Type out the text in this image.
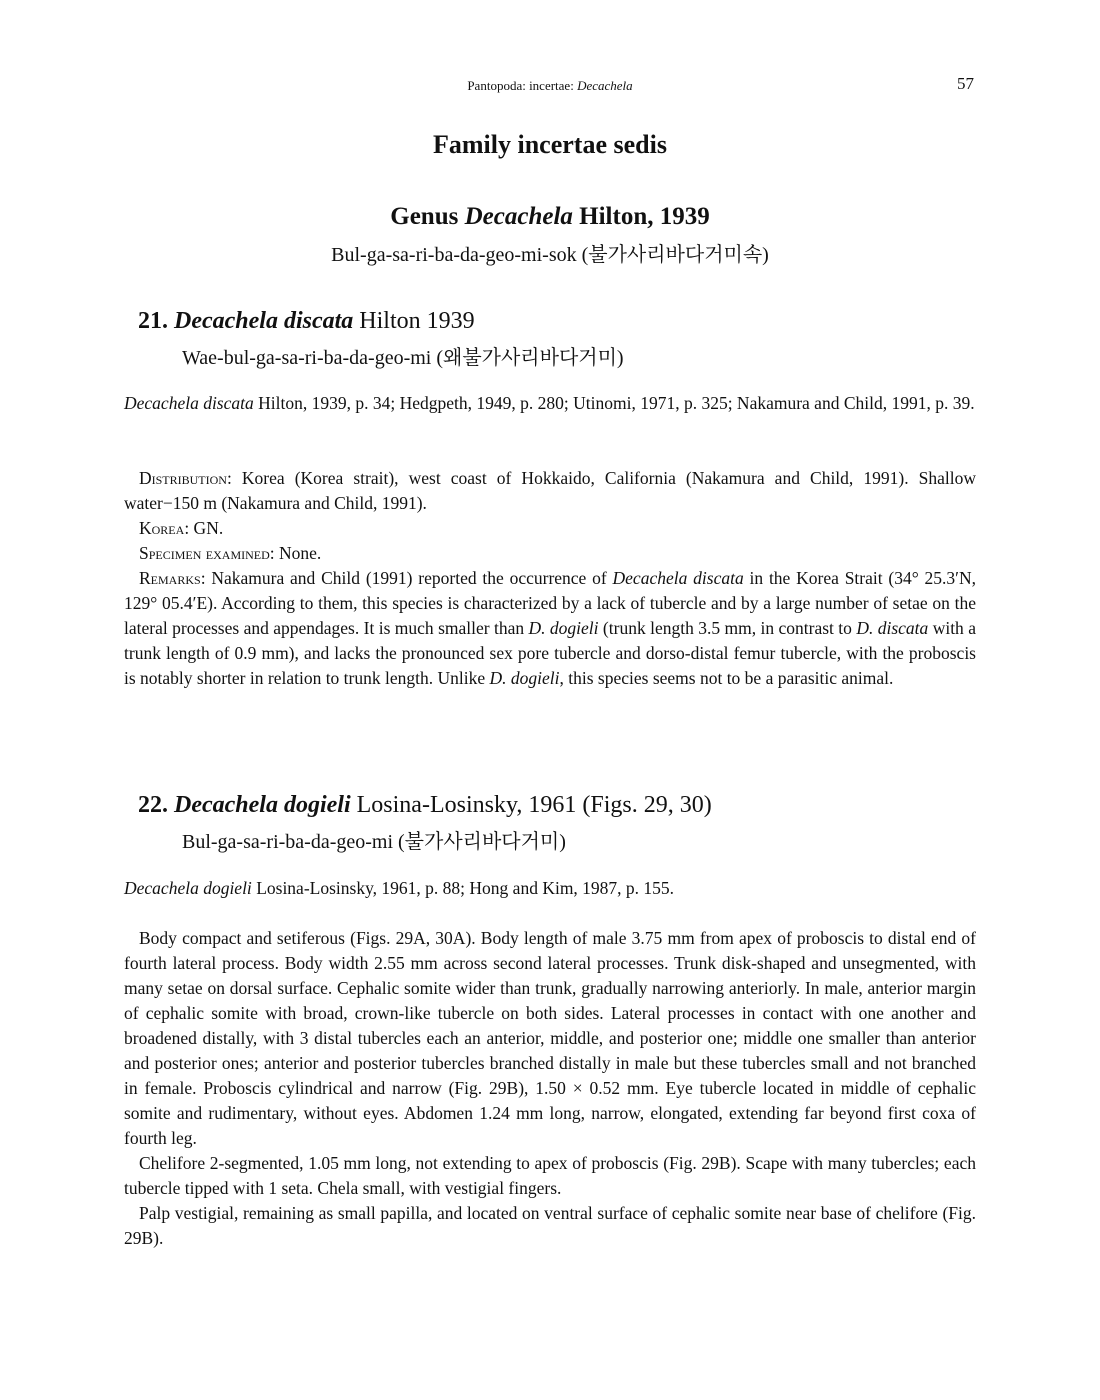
Pantopoda: incertae: Decachela	57
Family incertae sedis
Genus Decachela Hilton, 1939
Bul-ga-sa-ri-ba-da-geo-mi-sok (불가사리바다거미속)
21. Decachela discata Hilton 1939
Wae-bul-ga-sa-ri-ba-da-geo-mi (왜불가사리바다거미)
Decachela discata Hilton, 1939, p. 34; Hedgpeth, 1949, p. 280; Utinomi, 1971, p. 325; Nakamura and Child, 1991, p. 39.

Distribution: Korea (Korea strait), west coast of Hokkaido, California (Nakamura and Child, 1991). Shallow water−150 m (Nakamura and Child, 1991).

Korea: GN.

Specimen examined: None.

Remarks: Nakamura and Child (1991) reported the occurrence of Decachela discata in the Korea Strait (34° 25.3′N, 129° 05.4′E). According to them, this species is characterized by a lack of tubercle and by a large number of setae on the lateral processes and appendages. It is much smaller than D. dogieli (trunk length 3.5 mm, in contrast to D. discata with a trunk length of 0.9 mm), and lacks the pronounced sex pore tubercle and dorso-distal femur tubercle, with the proboscis is notably shorter in relation to trunk length. Unlike D. dogieli, this species seems not to be a parasitic animal.

22. Decachela dogieli Losina-Losinsky, 1961 (Figs. 29, 30)
Bul-ga-sa-ri-ba-da-geo-mi (불가사리바다거미)
Decachela dogieli Losina-Losinsky, 1961, p. 88; Hong and Kim, 1987, p. 155.

Body compact and setiferous (Figs. 29A, 30A). Body length of male 3.75 mm from apex of proboscis to distal end of fourth lateral process. Body width 2.55 mm across second lateral processes. Trunk disk-shaped and unsegmented, with many setae on dorsal surface. Cephalic somite wider than trunk, gradually narrowing anteriorly. In male, anterior margin of cephalic somite with broad, crown-like tubercle on both sides. Lateral processes in contact with one another and broadened distally, with 3 distal tubercles each an anterior, middle, and posterior one; middle one smaller than anterior and posterior ones; anterior and posterior tubercles branched distally in male but these tubercles small and not branched in female. Proboscis cylindrical and narrow (Fig. 29B), 1.50 × 0.52 mm. Eye tubercle located in middle of cephalic somite and rudimentary, without eyes. Abdomen 1.24 mm long, narrow, elongated, extending far beyond first coxa of fourth leg.

Chelifore 2-segmented, 1.05 mm long, not extending to apex of proboscis (Fig. 29B). Scape with many tubercles; each tubercle tipped with 1 seta. Chela small, with vestigial fingers.

Palp vestigial, remaining as small papilla, and located on ventral surface of cephalic somite near base of chelifore (Fig. 29B).
